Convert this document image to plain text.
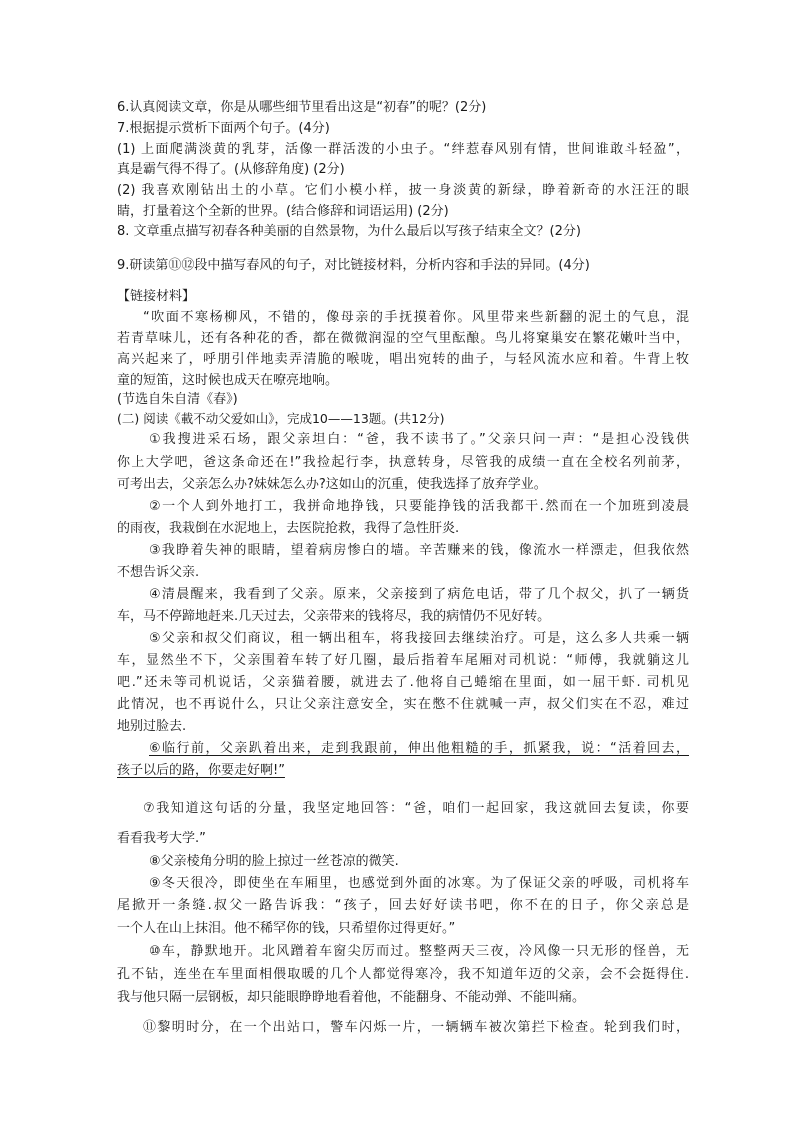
6.认真阅读文章，你是从哪些细节里看出这是“初春”的呢？(2分)
7.根据提示赏析下面两个句子。(4分)
(1) 上面爬满淡黄的乳芽，活像一群活泼的小虫子。“绊惹春风别有情，世间谁敢斗轻盈”，
真是霸气得不得了。(从修辞角度) (2分)
(2) 我喜欢刚钻出土的小草。它们小模小样，披一身淡黄的新绿，睁着新奇的水汪汪的眼
睛，打量着这个全新的世界。(结合修辞和词语运用) (2分)
8. 文章重点描写初春各种美丽的自然景物，为什么最后以写孩子结束全文？(2分)
9.研读第⑪⑫段中描写春风的句子，对比链接材料，分析内容和手法的异同。(4分)
【链接材料】
“吹面不寒杨柳风，不错的，像母亲的手抚摸着你。风里带来些新翻的泥土的气息，混
若青草味儿，还有各种花的香，都在微微润湿的空气里酝酿。鸟儿将窠巢安在繁花嫩叶当中，
高兴起来了，呼朋引伴地卖弄清脆的喉咙，唱出宛转的曲子，与轻风流水应和着。牛背上牧
童的短笛，这时候也成天在嘹亮地响。
(节选自朱自清《春》)
(二) 阅读《載不动父爱如山》，完成10——13题。(共12分)
①我搜进采石场，跟父亲坦白：“爸，我不读书了。”父亲只问一声：“是担心没钱供
你上大学吧，爸这条命还在!”我捡起行李，执意转身，尽管我的成绩一直在全校名列前茅，
可考出去，父亲怎么办?妹妹怎么办?这如山的沉重，使我选择了放弃学业。
②一个人到外地打工，我拼命地挣钱，只要能挣钱的活我都干.然而在一个加班到凌晨
的雨夜，我栽倒在水泥地上，去医院抢救，我得了急性肝炎.
③我睁着失神的眼睛，望着病房惨白的墙。辛苦赚来的钱，像流水一样漂走，但我依然
不想告诉父亲.
④清晨醒来，我看到了父亲。原来，父亲接到了病危电话，带了几个叔父，扒了一辆货
车，马不停蹄地赶来.几天过去，父亲带来的钱将尽，我的病情仍不见好转。
⑤父亲和叔父们商议，租一辆出租车，将我接回去继续治疗。可是，这么多人共乘一辆
车，显然坐不下，父亲围着车转了好几圈，最后指着车尾厢对司机说：“师傅，我就躺这儿
吧.”还未等司机说话，父亲猫着腰，就进去了.他将自己蜷缩在里面，如一屈干虾. 司机见
此情况，也不再说什么，只让父亲注意安全，实在憋不住就喊一声，叔父们实在不忍，难过
地别过脸去.
⑥临行前，父亲趴着出来，走到我跟前，伸出他粗糙的手，抓紧我，说：“活着回去，
孩子以后的路，你要走好啊!”
⑦我知道这句话的分量，我坚定地回答：“爸，咱们一起回家，我这就回去复读，你要
看看我考大学.”
⑧父亲棱角分明的脸上掠过一丝苍凉的微笑.
⑨冬天很冷，即使坐在车厢里，也感觉到外面的冰寒。为了保证父亲的呼吸，司机将车
尾掀开一条缝.叔父一路告诉我：“孩子，回去好好读书吧，你不在的日子，你父亲总是
一个人在山上抹泪。他不稀罕你的钱，只希望你过得更好。”
⑩车，静默地开。北风蹭着车窗尖厉而过。整整两天三夜，冷风像一只无形的怪兽，无
孔不钻，连坐在车里面相偎取暖的几个人都觉得寒冷，我不知道年迈的父亲，会不会挺得住.
我与他只隔一层钢板，却只能眼睁睁地看着他，不能翻身、不能动弹、不能叫痛。
⑪黎明时分，在一个出站口，警车闪烁一片，一辆辆车被次第拦下检查。轮到我们时，
